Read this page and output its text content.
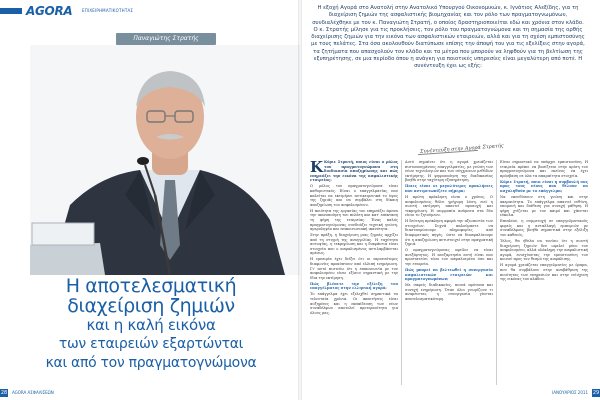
AGORA ΕΠΙΧΕΙΡΗΜΑΤΙΚΟΤΗΤΑΣ
Παναγιώτης Στρατής
Η αποτελεσματική
διαχείριση ζημιών
και η καλή εικόνα
των εταιρειών εξαρτώνται
και από τον πραγματογνώμονα
28 AGORA ΑΣΦΑΛΙΣΕΩΝ
Η εξοχή Αγορά στο Ανατολή στην Ανατολικό Υπουργού Οικονομικών, κ. Ιγνάτιος Αλεξίδης, για τη διαχείριση ζημιών της ασφαλιστικής βιομηχανίας και τον ρόλο των πραγματογνωμόνων, συνδιαλέχθηκε με τον κ. Παναγιώτη Στρατή, ο οποίος δραστηριοποιείται εδώ και χρόνια στον κλάδο. Ο κ. Στρατής μίλησε για τις προκλήσεις, τον ρόλο του πραγματογνώμονα και τη σημασία της ορθής διαχείρισης ζημιών για την εικόνα των ασφαλιστικών εταιρειών, αλλά και για τη σχέση εμπιστοσύνης με τους πελάτες. Στα όσα ακολουθούν διατύπωσε επίσης την άποψή του για τις εξελίξεις στην αγορά, τα ζητήματα που απασχολούν τον κλάδο και τα μέτρα που μπορούν να ληφθούν για τη βελτίωση της εξυπηρέτησης, σε μια περίοδο όπου η ανάγκη για ποιοτικές υπηρεσίες είναι μεγαλύτερη από ποτέ. Η συνέντευξη έχει ως εξής:
Συνέντευξη στην Αγορά Στρατής
Κ Κύριε Στρατή, ποιος είναι ο ρόλος του πραγματογνώμονα στη διαδικασία αποζημίωσης και πώς επηρεάζει την εικόνα της ασφαλιστικής εταιρείας;

Ο ρόλος του πραγματογνώμονα είναι καθοριστικός. Είναι ο επαγγελματίας που καλείται να εκτιμήσει αντικειμενικά το ύψος της ζημιάς και να συμβάλει στη δίκαιη αποζημίωση του ασφαλισμένου.

Η ποιότητα της εργασίας του επηρεάζει άμεσα την ικανοποίηση του πελάτη και κατ' επέκταση τη φήμη της εταιρείας. Ένας καλός πραγματογνώμονας συνδυάζει τεχνική γνώση, αμεροληψία και επικοινωνιακή ικανότητα.

Στην πράξη, η διαχείριση μιας ζημιάς αρχίζει από τη στιγμή της αναγγελίας. Η ταχύτητα αυτοψίας, η τεκμηρίωση και η διαφάνεια είναι στοιχεία που ο ασφαλισμένος αντιλαμβάνεται αμέσως.

Η εμπειρία έχει δείξει ότι οι περισσότερες διαφωνίες προκύπτουν από ελλιπή ενημέρωση. Γι' αυτό πιστεύω ότι η επικοινωνία με τον ασφαλισμένο είναι εξίσου σημαντική με την ίδια την εκτίμηση.

Πώς βλέπετε την εξέλιξη του επαγγέλματος στην ελληνική αγορά;

Το επάγγελμα έχει εξελιχθεί σημαντικά τα τελευταία χρόνια. Οι απαιτήσεις είναι αυξημένες και η εκπαίδευση των νέων συναδέλφων αποτελεί προτεραιότητα για όλους μας.

Αυτό σημαίνει ότι η αγορά χρειάζεται πιστοποιημένους επαγγελματίες, με γνώση των νέων τεχνολογιών και των σύγχρονων μεθόδων εκτίμησης. Η ψηφιοποίηση της διαδικασίας βοηθά στην ταχύτερη εξυπηρέτηση.

Ποιες είναι οι μεγαλύτερες προκλήσεις που αντιμετωπίζετε σήμερα;

Η πρώτη πρόκληση είναι ο χρόνος. Ο ασφαλισμένος θέλει γρήγορη λύση, ενώ η σωστή εκτίμηση απαιτεί προσοχή και τεκμηρίωση. Η ισορροπία ανάμεσα στα δύο είναι το ζητούμενο.

Η δεύτερη πρόκληση αφορά την αξιοπιστία των στοιχείων. Συχνά καλούμαστε να διασταυρώσουμε πληροφορίες από διαφορετικές πηγές, ώστε να διασφαλίσουμε ότι η αποζημίωση αντιστοιχεί στην πραγματική ζημιά.

Ο πραγματογνώμονας οφείλει να είναι ανεξάρτητος. Η ανεξαρτησία αυτή είναι που προστατεύει τόσο τον ασφαλισμένο όσο και την εταιρεία.

Πώς μπορεί να βελτιωθεί η συνεργασία ασφαλιστικών εταιρειών και πραγματογνωμόνων;

Με σαφείς διαδικασίες, κοινά πρότυπα και συνεχή ενημέρωση. Όταν όλοι γνωρίζουν τι αναμένεται, η συνεργασία γίνεται αποτελεσματικότερη.

Είναι σημαντικό να υπάρχει εμπιστοσύνη. Η εταιρεία πρέπει να βασίζεται στην κρίση του πραγματογνώμονα και εκείνος να έχει πρόσβαση σε όλα τα απαραίτητα στοιχεία.

Κύριε Στρατή, ποια είναι η συμβουλή σας προς τους νέους που θέλουν να ασχοληθούν με το επάγγελμα;

Να επενδύσουν στη γνώση και στην ακεραιότητα. Το επάγγελμα απαιτεί ευθύνη, υπομονή και διάθεση για συνεχή μάθηση. Η φήμη χτίζεται με τον καιρό και χάνεται εύκολα.

Επιπλέον, η συμμετοχή σε επαγγελματικούς φορείς και η ανταλλαγή εμπειριών με συναδέλφους βοηθά σημαντικά στην εξέλιξη του καθενός.

Τέλος, θα ήθελα να τονίσω ότι η σωστή διαχείριση ζημιών δεν ωφελεί μόνο τον ασφαλισμένο, αλλά ολόκληρη την ασφαλιστική αγορά, ενισχύοντας την εμπιστοσύνη του κοινού προς τον θεσμό της ασφάλισης.

Η αγορά χρειάζεται επαγγελματίες με όραμα, που θα συμβάλουν στην αναβάθμιση της ποιότητας των υπηρεσιών και στην ενίσχυση της εικόνας του κλάδου.

29
ΙΑΝΟΥΑΡΙΟΣ 2011
